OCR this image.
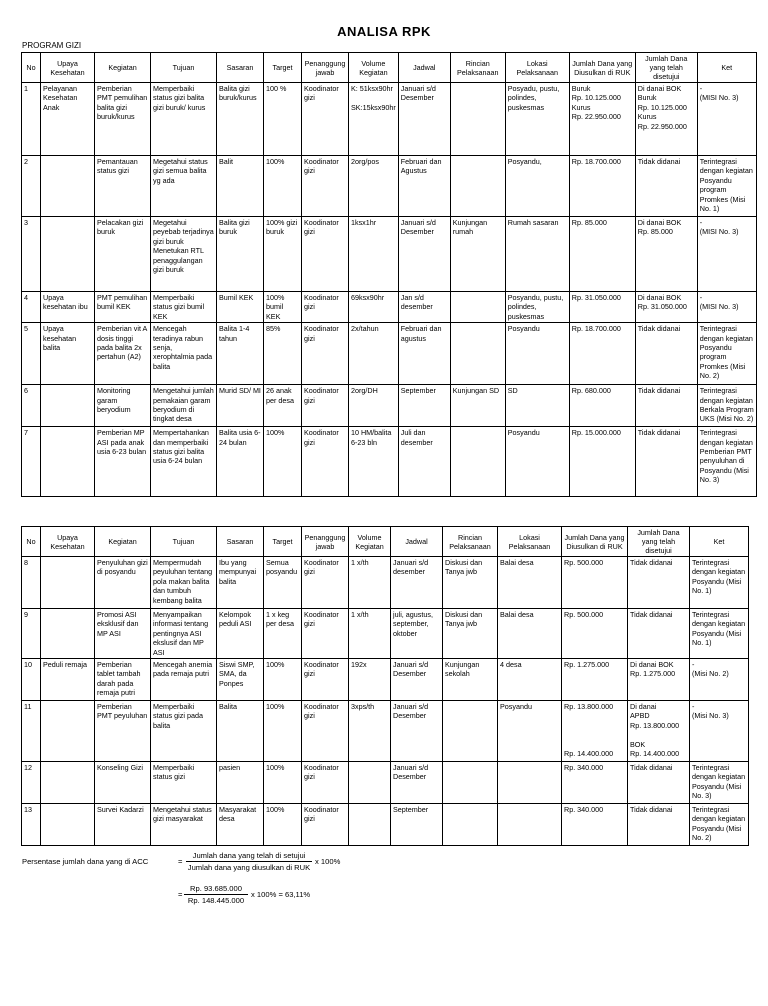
ANALISA RPK
PROGRAM GIZI
No	Upaya Kesehatan	Kegiatan	Tujuan	Sasaran	Target	Penanggung jawab	Volume Kegiatan	Jadwal	Rincian Pelaksanaan	Lokasi Pelaksanaan	Jumlah Dana yang Diusulkan di RUK	Jumlah Dana yang telah disetujui	Ket
1	Pelayanan Kesehatan Anak	Pemberian PMT pemulihan balita gizi buruk/kurus	Memperbaiki status gizi balita gizi buruk/ kurus	Balita gizi buruk/kurus	100 %	Koodinator gizi	K: 51ksx90hr

SK:15ksx90hr	Januari s/d Desember		Posyadu, pustu, polindes, puskesmas	Buruk
Rp. 10.125.000
Kurus
Rp. 22.950.000	Di danai BOK
Buruk
Rp. 10.125.000
Kurus
Rp. 22.950.000	-
(MISI No. 3)
2		Pemantauan status gizi	Megetahui status gizi semua balita yg ada	Balit	100%	Koodinator gizi	2org/pos	Februari dan Agustus		Posyandu,	Rp. 18.700.000	Tidak didanai	Terintegrasi dengan kegiatan Posyandu program Promkes (Misi No. 1)
3		Pelacakan gizi buruk	Megetahui peyebab terjadinya gizi buruk
Menetukan RTL penaggulangan gizi buruk	Balita gizi buruk	100% gizi buruk	Koodinator gizi	1ksx1hr	Januari s/d Desember	Kunjungan rumah	Rumah sasaran	Rp. 85.000	Di danai BOK
Rp. 85.000	-
(MISI No. 3)
4	Upaya kesehatan ibu	PMT pemulihan bumil KEK	Memperbaiki status gizi bumil KEK	Bumil KEK	100% bumil KEK	Koodinator gizi	69ksx90hr	Jan s/d desember		Posyandu, pustu, polindes, puskesmas	Rp. 31.050.000	Di danai BOK
Rp. 31.050.000	-
(MISI No. 3)
5	Upaya kesehatan balita	Pemberian vit A dosis tinggi pada balita 2x pertahun (A2)	Mencegah teradinya rabun senja, xerophtalmia pada balita	Balita 1-4 tahun	85%	Koodinator gizi	2x/tahun	Februari dan agustus		Posyandu	Rp. 18.700.000	Tidak didanai	Terintegrasi dengan kegiatan Posyandu program Promkes (Misi No. 2)
6		Monitoring garam beryodium	Mengetahui jumlah pemakaian garam beryodium di tingkat desa	Murid SD/ MI	26 anak per desa	Koodinator gizi	2org/DH	September	Kunjungan SD	SD	Rp. 680.000	Tidak didanai	Terintegrasi dengan kegiatan Berkala Program UKS (Misi No. 2)
7		Pemberian MP ASI pada anak usia 6-23 bulan	Mempertahankan dan memperbaiki status gizi balita usia 6-24 bulan	Balita usia 6-24 bulan	100%	Koodinator gizi	10 HM/balita 6-23 bln	Juli dan desember		Posyandu	Rp. 15.000.000	Tidak didanai	Terintegrasi dengan kegiatan Pemberian PMT penyuluhan di Posyandu (Misi No. 3)
No	Upaya Kesehatan	Kegiatan	Tujuan	Sasaran	Target	Penanggung jawab	Volume Kegiatan	Jadwal	Rincian Pelaksanaan	Lokasi Pelaksanaan	Jumlah Dana yang Diusulkan di RUK	Jumlah Dana yang telah disetujui	Ket
8		Penyuluhan gizi di posyandu	Mempermudah peyuluhan tentang pola makan balita dan tumbuh kembang balita	Ibu yang mempunyai balita	Semua posyandu	Koodinator gizi	1 x/th	Januari s/d desember	Diskusi dan Tanya jwb	Balai desa	Rp. 500.000	Tidak didanai	Terintegrasi dengan kegiatan Posyandu (Misi No. 1)
9		Promosi ASI eksklusif dan MP ASI	Menyampaikan informasi tentang pentingnya ASI ekslusif dan MP ASI	Kelompok peduli ASI	1 x keg per desa	Koodinator gizi	1 x/th	juli, agustus, september, oktober	Diskusi dan Tanya jwb	Balai desa	Rp. 500.000	Tidak didanai	Terintegrasi dengan kegiatan Posyandu (Misi No. 1)
10	Peduli remaja	Pemberian tablet tambah darah pada remaja putri	Mencegah anemia pada remaja putri	Siswi SMP, SMA, da Ponpes	100%	Koodinator gizi	192x	Januari s/d Desember	Kunjungan sekolah	4 desa	Rp. 1.275.000	Di danai BOK
Rp. 1.275.000	-
(Misi No. 2)
11		Pemberian PMT peyuluhan	Memperbaiki status gizi pada balita	Balita	100%	Koodinator gizi	3xps/th	Januari s/d Desember		Posyandu	Rp. 13.800.000

Rp. 14.400.000	Di danai
APBD
Rp. 13.800.000

BOK
Rp. 14.400.000	-
(Misi No. 3)
12		Konseling Gizi	Memperbaiki status gizi	pasien	100%	Koodinator gizi		Januari s/d Desember			Rp. 340.000	Tidak didanai	Terintegrasi dengan kegiatan Posyandu (Misi No. 3)
13		Survei Kadarzi	Mengetahui status gizi masyarakat	Masyarakat desa	100%	Koodinator gizi		September			Rp. 340.000	Tidak didanai	Terintegrasi dengan kegiatan Posyandu (Misi No. 2)
Persentase jumlah dana yang di ACC	=
Jumlah dana yang telah di setujui
Jumlah dana yang diusulkan di RUK
x 100%
=
Rp. 93.685.000
Rp. 148.445.000
x 100% = 63,11%
